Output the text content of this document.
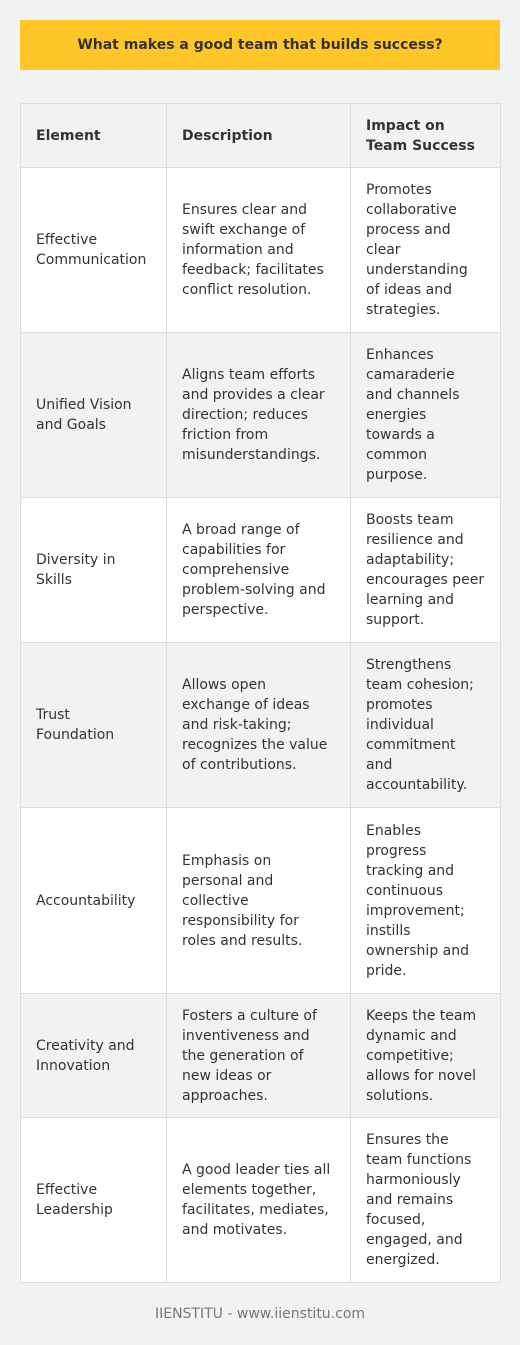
What makes a good team that builds success?
Element	Description	Impact on Team Success
Effective Communication	Ensures clear and swift exchange of information and feedback; facilitates conflict resolution.	Promotes collaborative process and clear understanding of ideas and strategies.
Unified Vision and Goals	Aligns team efforts and provides a clear direction; reduces friction from misunderstandings.	Enhances camaraderie and channels energies towards a common purpose.
Diversity in Skills	A broad range of capabilities for comprehensive problem-solving and perspective.	Boosts team resilience and adaptability; encourages peer learning and support.
Trust Foundation	Allows open exchange of ideas and risk-taking; recognizes the value of contributions.	Strengthens team cohesion; promotes individual commitment and accountability.
Accountability	Emphasis on personal and collective responsibility for roles and results.	Enables progress tracking and continuous improvement; instills ownership and pride.
Creativity and Innovation	Fosters a culture of inventiveness and the generation of new ideas or approaches.	Keeps the team dynamic and competitive; allows for novel solutions.
Effective Leadership	A good leader ties all elements together, facilitates, mediates, and motivates.	Ensures the team functions harmoniously and remains focused, engaged, and energized.
IIENSTITU - www.iienstitu.com
